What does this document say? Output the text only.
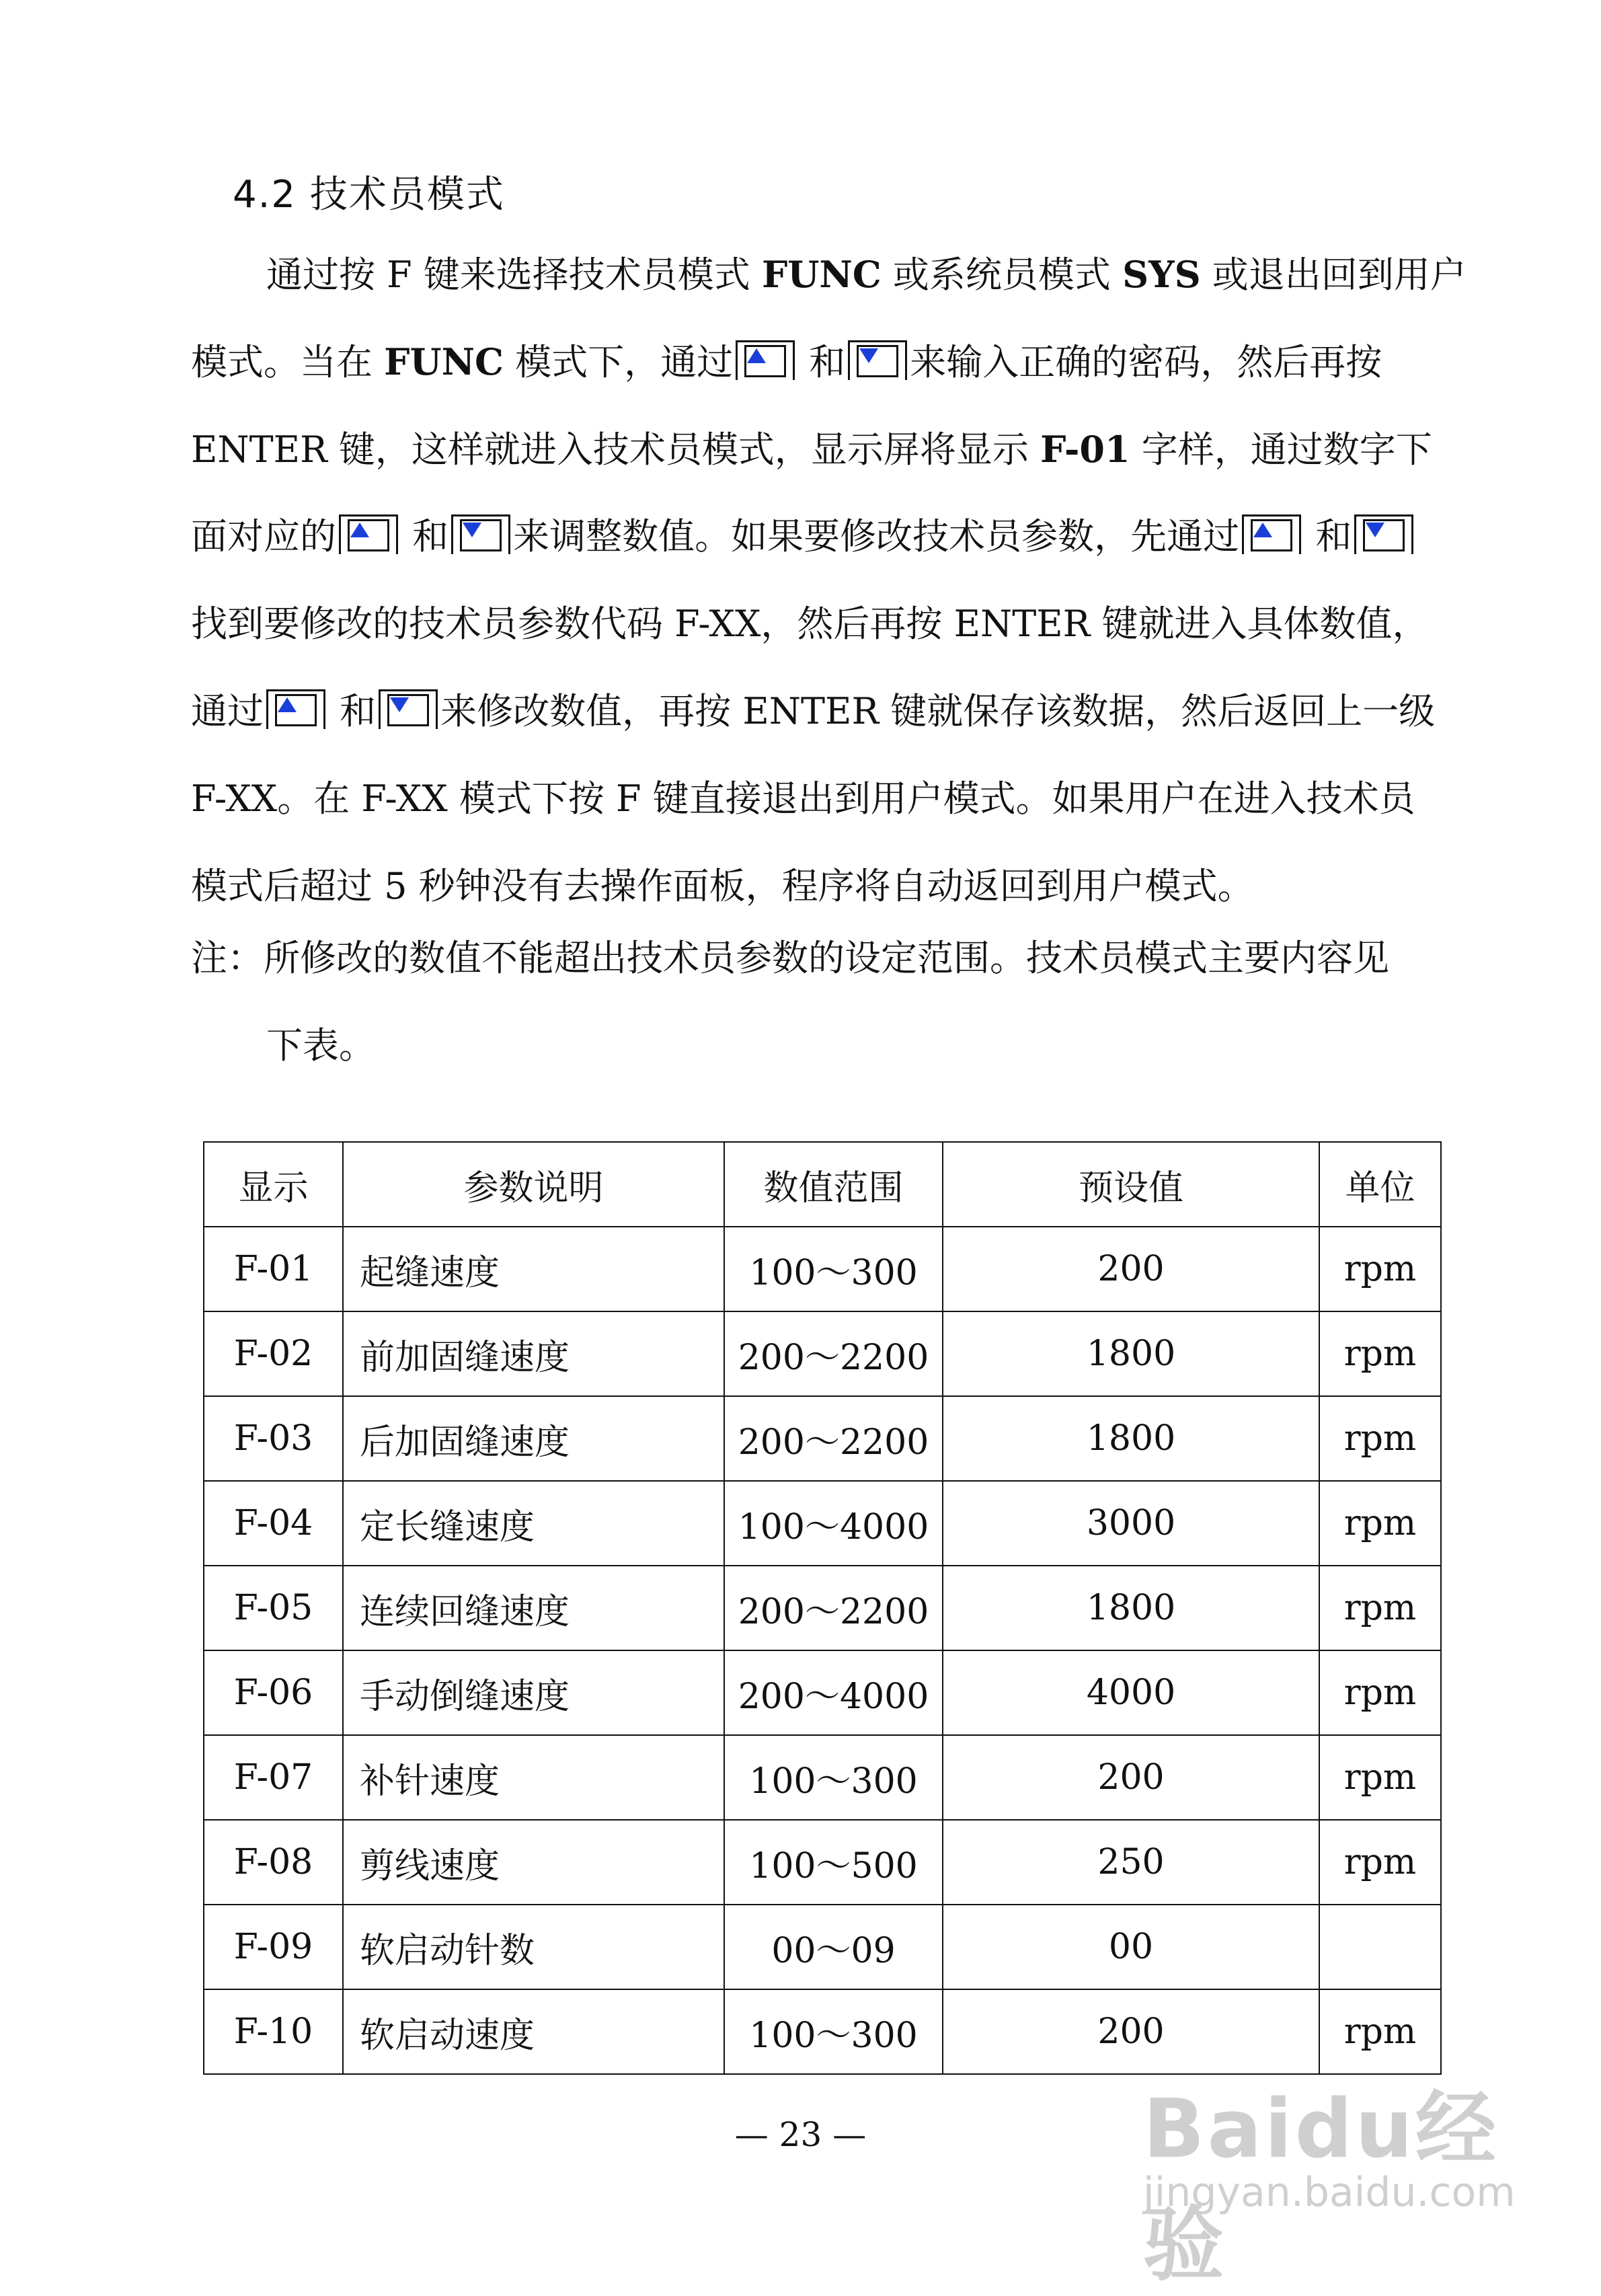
4.2 技术员模式
通过按 F 键来选择技术员模式 FUNC 或系统员模式 SYS 或退出回到用户
模式。当在 FUNC 模式下，通过
和 来输入正确的密码，然后再按
ENTER 键，这样就进入技术员模式，显示屏将显示 F-01 字样，通过数字下
面对应的
和 来调整数值。如果要修改技术员参数，先通过
和
找到要修改的技术员参数代码 F-XX，然后再按 ENTER 键就进入具体数值，
通过
和 来修改数值，再按 ENTER 键就保存该数据，然后返回上一级
F-XX。在 F-XX 模式下按 F 键直接退出到用户模式。如果用户在进入技术员
模式后超过 5 秒钟没有去操作面板，程序将自动返回到用户模式。
注：所修改的数值不能超出技术员参数的设定范围。技术员模式主要内容见
下表。
显示	参数说明	数值范围	预设值	单位
F-01	起缝速度	100～300	200	rpm
F-02	前加固缝速度	200～2200	1800	rpm
F-03	后加固缝速度	200～2200	1800	rpm
F-04	定长缝速度	100～4000	3000	rpm
F-05	连续回缝速度	200～2200	1800	rpm
F-06	手动倒缝速度	200～4000	4000	rpm
F-07	补针速度	100～300	200	rpm
F-08	剪线速度	100～500	250	rpm
F-09	软启动针数	00～09	00	
F-10	软启动速度	100～300	200	rpm
— 23 —	Baidu经验
jingyan.baidu.com
